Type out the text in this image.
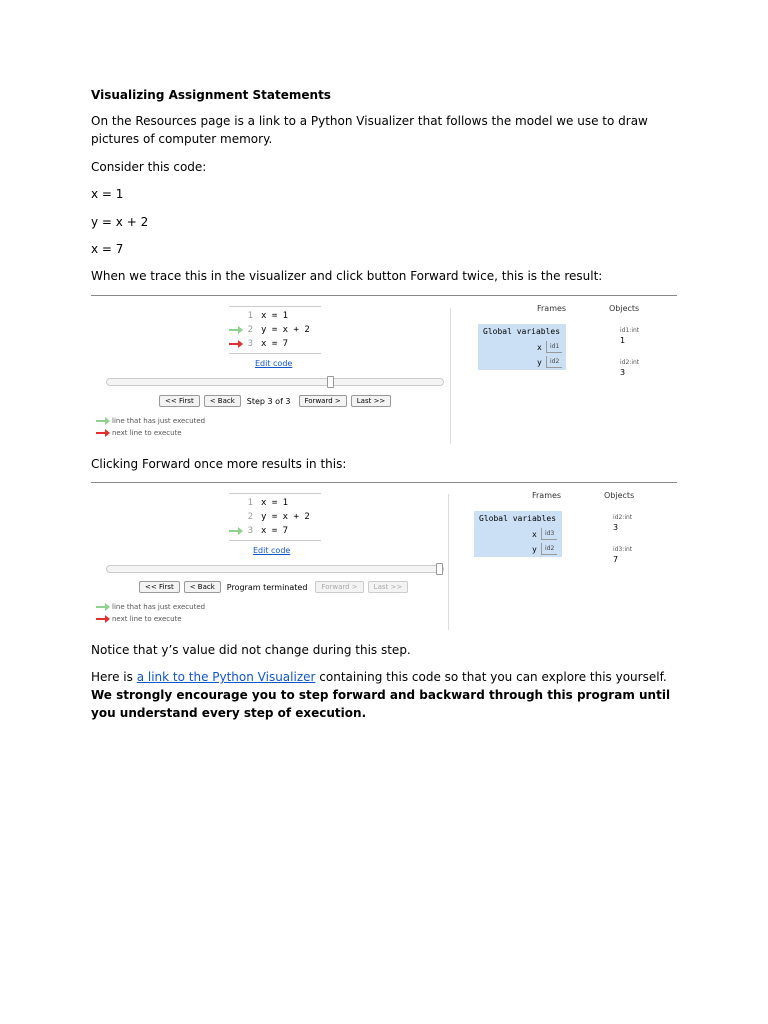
Visualizing Assignment Statements

On the Resources page is a link to a Python Visualizer that follows the model we use to draw pictures of computer memory.

Consider this code:

x = 1

y = x + 2

x = 7

When we trace this in the visualizer and click button Forward twice, this is the result:

Clicking Forward once more results in this:

Notice that y’s value did not change during this step.

Here is a link to the Python Visualizer containing this code so that you can explore this yourself. We strongly encourage you to step forward and backward through this program until you understand every step of execution.

1 x = 1
2 y = x + 2
3 x = 7
Edit code
<< First < Back Step 3 of 3 Forward > Last >>
line that has just executed
next line to execute
Frames	Objects
Global variables
x	id1
y	id2
id1:int
1
id2:int
3
1 x = 1
2 y = x + 2
3 x = 7
Edit code
<< First < Back Program terminated Forward > Last >>
line that has just executed
next line to execute
Frames	Objects
Global variables
x	id3
y	id2
id2:int
3
id3:int
7
